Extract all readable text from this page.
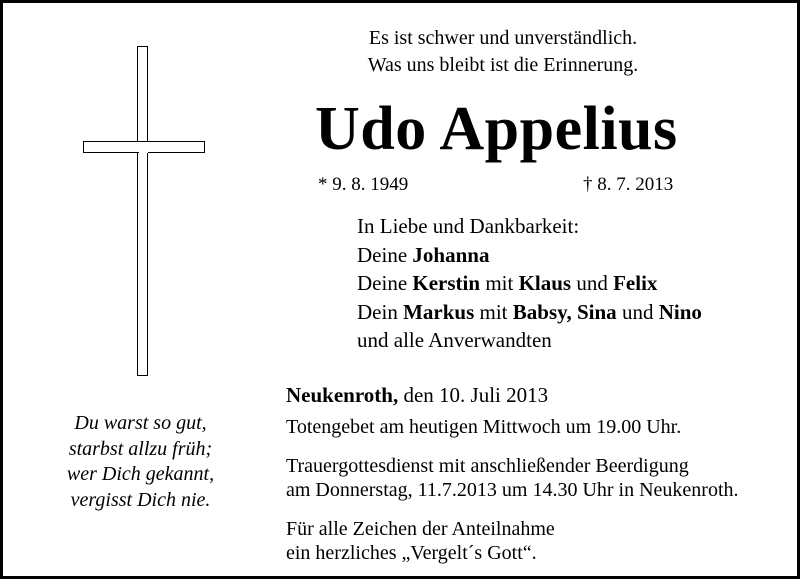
Es ist schwer und unverständlich.
Was uns bleibt ist die Erinnerung.
Udo Appelius
* 9. 8. 1949	† 8. 7. 2013
In Liebe und Dankbarkeit:
Deine Johanna
Deine Kerstin mit Klaus und Felix
Dein Markus mit Babsy, Sina und Nino
und alle Anverwandten
Neukenroth, den 10. Juli 2013
Totengebet am heutigen Mittwoch um 19.00 Uhr.
Trauergottesdienst mit anschließender Beerdigung
am Donnerstag, 11.7.2013 um 14.30 Uhr in Neukenroth.
Für alle Zeichen der Anteilnahme
ein herzliches „Vergelt´s Gott“.
Du warst so gut,
starbst allzu früh;
wer Dich gekannt,
vergisst Dich nie.
